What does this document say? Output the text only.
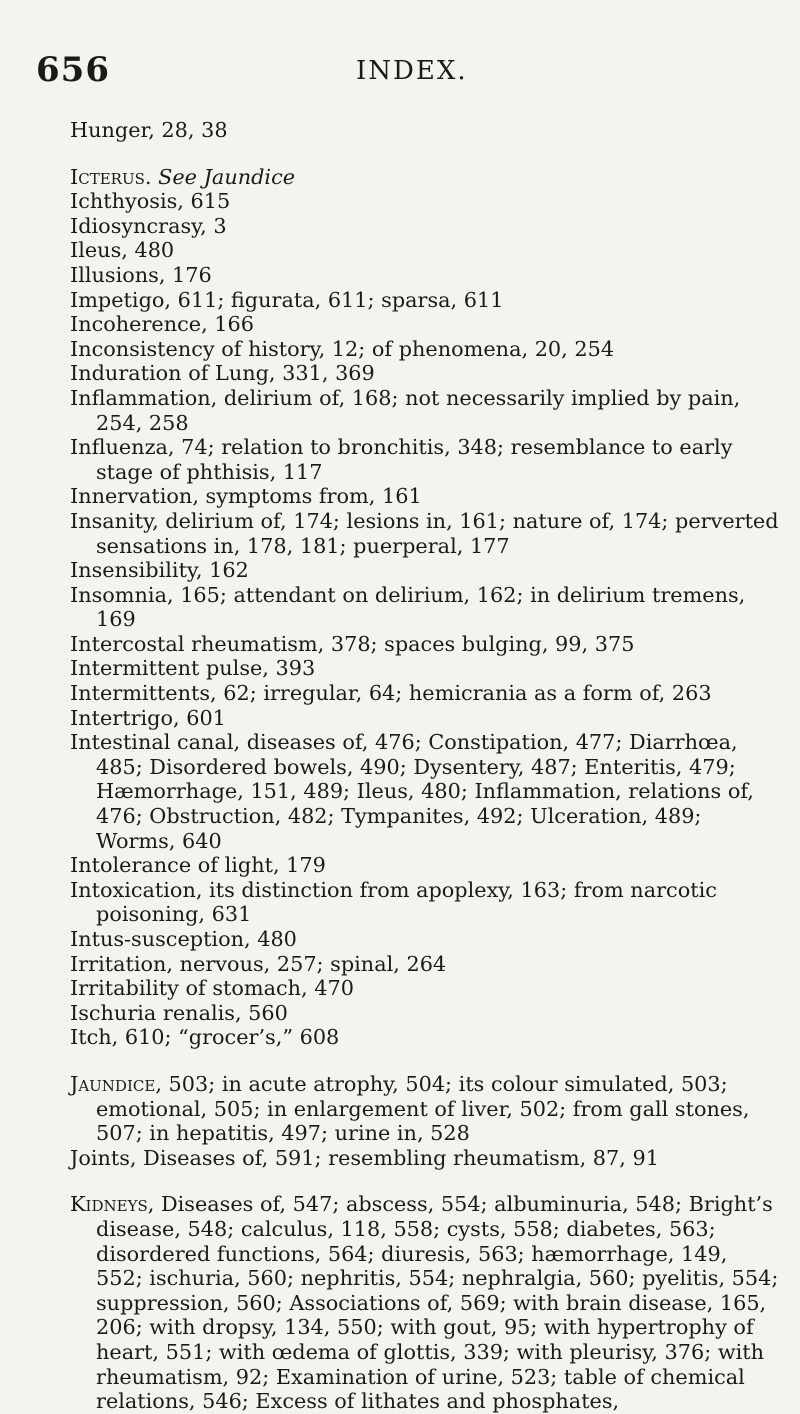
656	INDEX.
Hunger, 28, 38
Icterus. See Jaundice
Ichthyosis, 615
Idiosyncrasy, 3
Ileus, 480
Illusions, 176
Impetigo, 611; figurata, 611; sparsa, 611
Incoherence, 166
Inconsistency of history, 12; of phenomena, 20, 254
Induration of Lung, 331, 369
Inflammation, delirium of, 168; not necessarily implied by pain, 254, 258
Influenza, 74; relation to bronchitis, 348; resemblance to early stage of phthisis, 117
Innervation, symptoms from, 161
Insanity, delirium of, 174; lesions in, 161; nature of, 174; perverted sensations in, 178, 181; puerperal, 177
Insensibility, 162
Insomnia, 165; attendant on delirium, 162; in delirium tremens, 169
Intercostal rheumatism, 378; spaces bulging, 99, 375
Intermittent pulse, 393
Intermittents, 62; irregular, 64; hemicrania as a form of, 263
Intertrigo, 601
Intestinal canal, diseases of, 476; Constipation, 477; Diarrhœa, 485; Disordered bowels, 490; Dysentery, 487; Enteritis, 479; Hæmorrhage, 151, 489; Ileus, 480; Inflammation, relations of, 476; Obstruction, 482; Tympanites, 492; Ulceration, 489; Worms, 640
Intolerance of light, 179
Intoxication, its distinction from apoplexy, 163; from narcotic poisoning, 631
Intus-susception, 480
Irritation, nervous, 257; spinal, 264
Irritability of stomach, 470
Ischuria renalis, 560
Itch, 610; “grocer’s,” 608
Jaundice, 503; in acute atrophy, 504; its colour simulated, 503; emotional, 505; in enlargement of liver, 502; from gall stones, 507; in hepatitis, 497; urine in, 528
Joints, Diseases of, 591; resembling rheumatism, 87, 91
Kidneys, Diseases of, 547; abscess, 554; albuminuria, 548; Bright’s disease, 548; calculus, 118, 558; cysts, 558; diabetes, 563; disordered functions, 564; diuresis, 563; hæmorrhage, 149, 552; ischuria, 560; nephritis, 554; nephralgia, 560; pyelitis, 554; suppression, 560; Associations of, 569; with brain disease, 165, 206; with dropsy, 134, 550; with gout, 95; with hypertrophy of heart, 551; with œdema of glottis, 339; with pleurisy, 376; with rheumatism, 92; Examination of urine, 523; table of chemical relations, 546; Excess of lithates and phosphates,
